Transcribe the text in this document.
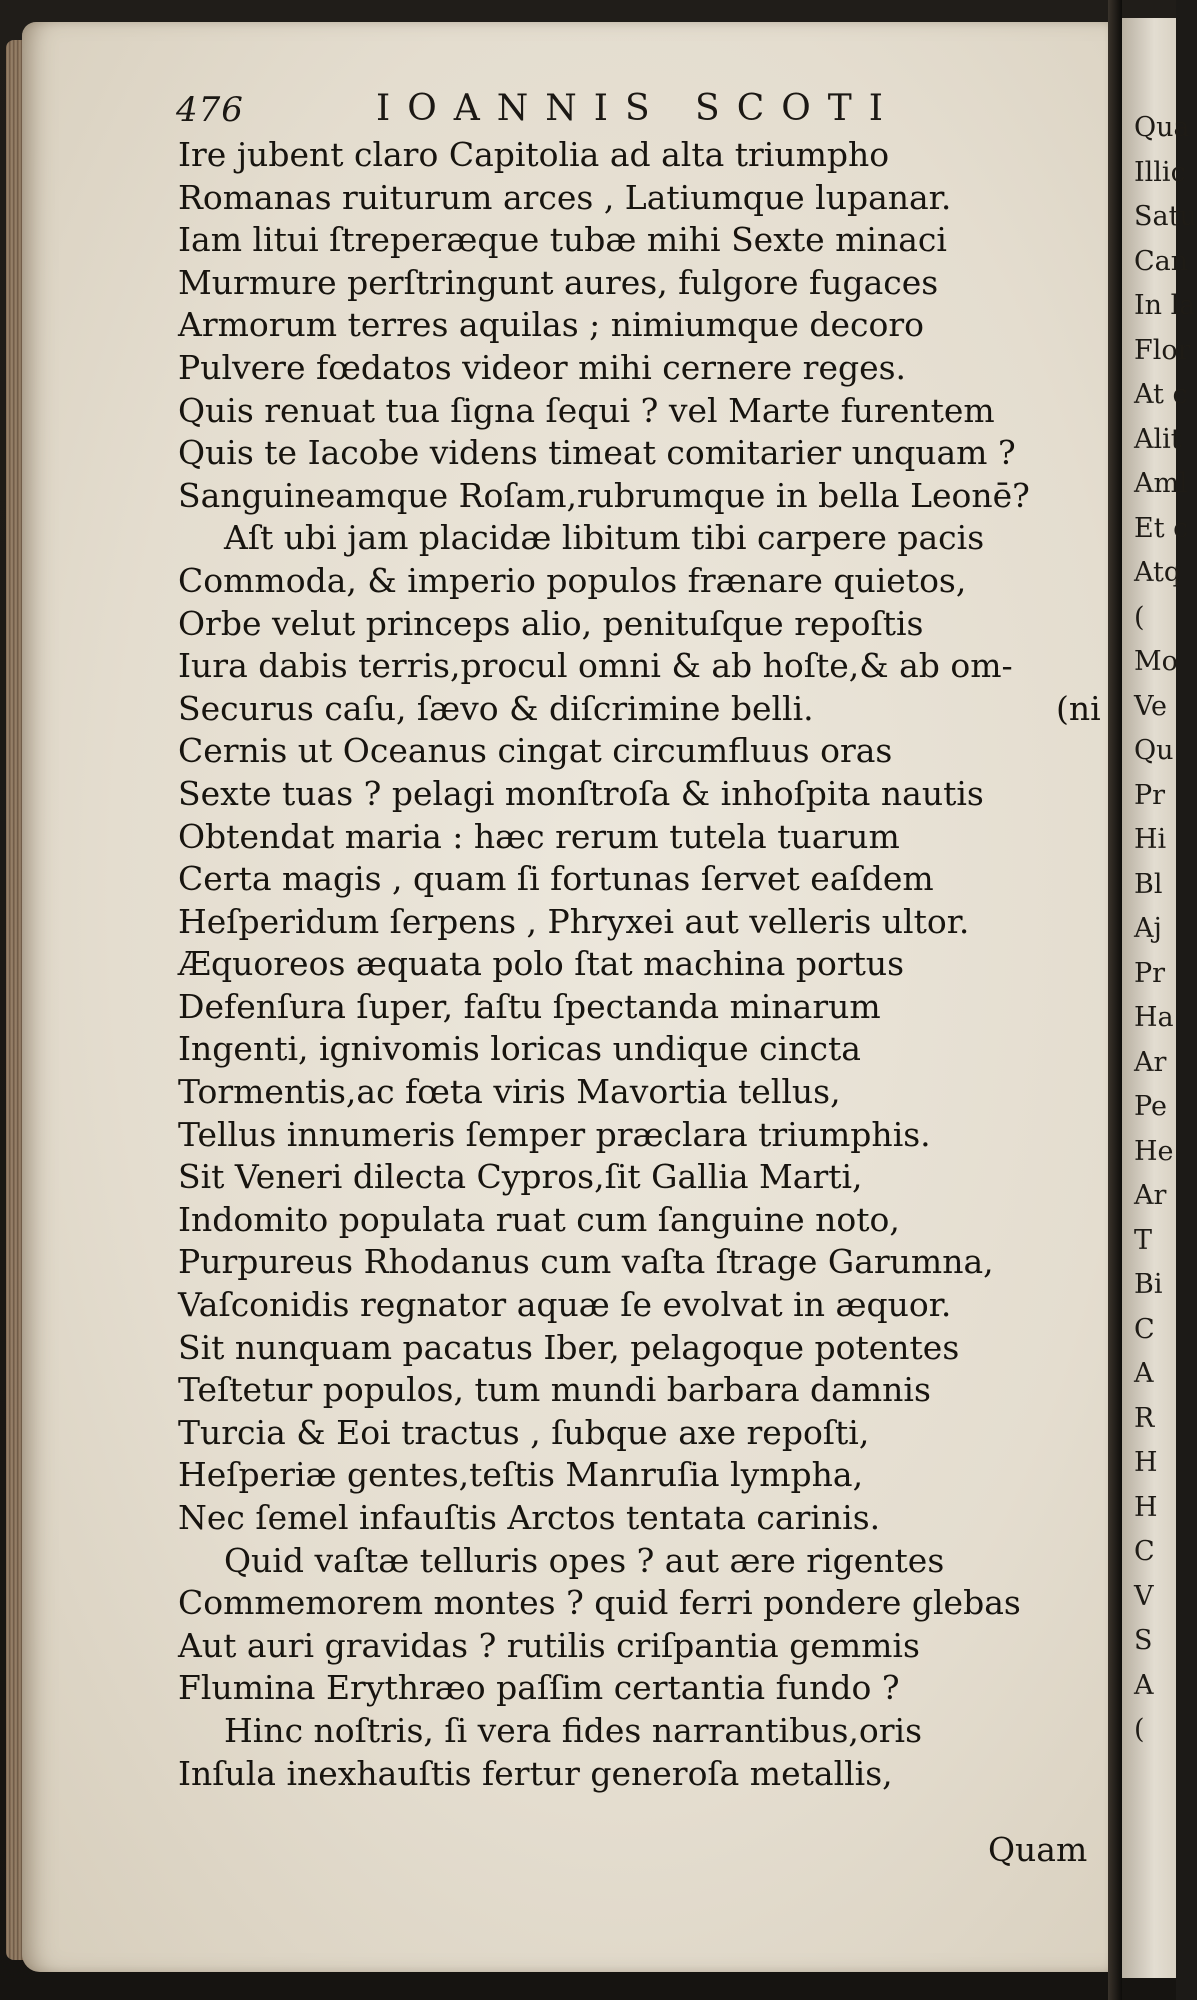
476	IOANNIS SCOTI
Ire jubent claro Capitolia ad alta triumpho
Romanas ruiturum arces , Latiumque lupanar.
Iam litui ſtreperæque tubæ mihi Sexte minaci
Murmure perſtringunt aures, fulgore fugaces
Armorum terres aquilas ; nimiumque decoro
Pulvere fœdatos videor mihi cernere reges.
Quis renuat tua ſigna ſequi ? vel Marte furentem
Quis te Iacobe videns timeat comitarier unquam ?
Sanguineamque Roſam,rubrumque in bella Leonē?
Aſt ubi jam placidæ libitum tibi carpere pacis
Commoda, & imperio populos frænare quietos,
Orbe velut princeps alio, penituſque repoſtis
Iura dabis terris,procul omni & ab hoſte,& ab om-
Securus caſu, ſævo & diſcrimine belli.	(ni
Cernis ut Oceanus cingat circumfluus oras
Sexte tuas ? pelagi monſtroſa & inhoſpita nautis
Obtendat maria : hæc rerum tutela tuarum
Certa magis , quam ſi fortunas ſervet eaſdem
Heſperidum ſerpens , Phryxei aut velleris ultor.
Æquoreos æquata polo ſtat machina portus
Defenſura ſuper, faſtu ſpectanda minarum
Ingenti, ignivomis loricas undique cincta
Tormentis,ac fœta viris Mavortia tellus,
Tellus innumeris ſemper præclara triumphis.
Sit Veneri dilecta Cypros,ſit Gallia Marti,
Indomito populata ruat cum ſanguine noto,
Purpureus Rhodanus cum vaſta ſtrage Garumna,
Vaſconidis regnator aquæ ſe evolvat in æquor.
Sit nunquam pacatus Iber, pelagoque potentes
Teſtetur populos, tum mundi barbara damnis
Turcia & Eoi tractus , ſubque axe repoſti,
Heſperiæ gentes,teſtis Manruſia lympha,
Nec ſemel infauſtis Arctos tentata carinis.
Quid vaſtæ telluris opes ? aut ære rigentes
Commemorem montes ? quid ferri pondere glebas
Aut auri gravidas ? rutilis criſpantia gemmis
Flumina Erythræo paſſim certantia fundo ?
Hinc noſtris, ſi vera fides narrantibus,oris
Inſula inexhauſtis fertur generoſa metallis,
Quam
Qua
Illic
Satu
Can
In la
Flor
At c
Alit
Aml
Et c
Atq
(
Mo
Ve
Qu
Pr
Hi
Bl
Aj
Pr
Ha
Ar
Pe
He
Ar
T
Bi
C
A
R
H
H
C
V
S
A
(
